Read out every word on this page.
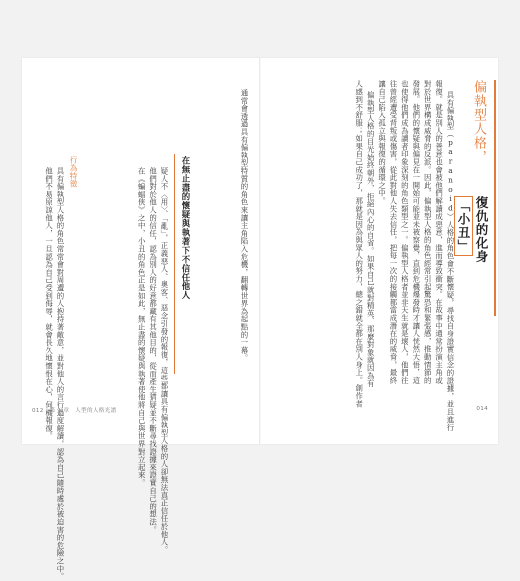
偏執型人格，
復仇的化身「小丑」
具有偏執型（paranoid）人格的角色會不斷懷疑，尋找自身證實信念的證據，並且進行
報復。就是別人的善意也會被他們解讀成惡意，進而導致衝突。在故事中通常扮演主角或
對於世界構成威脅的反派。因此，偏執型人格的角色經常引起驚恐和緊張感，推動情節的
發展。他們的懷疑與偏見在一開始可能並未被察覺，直到危機爆發時才讓人恍然大悟，這
也使得他們成為讀者印象深刻的角色類型之一。偏執型人格者並非天生就是壞人，他們往
往曾經遭受背叛或傷害，從此對他人失去信任，把每一次的接觸都當成潛在的威脅，最終
讓自己陷入孤立與報復的循環之中。
偏執型人格的目光始終朝外，拒絕內心的自省。如果自己就對精英、那麼對象就因為有
人感到不舒服；如果自己成功了，那就是因為與眾人的努力，總之錯就全都在別人身上。創作者
通常會透過具有偏執型特質的角色來讓主角陷入危機，翻轉世界為起點的一幕。
在無止盡的懷疑與執著下不信任他人
疑人不〈用〉、「亂」，正義惡人、奧客、惡念引發的報復，這些都讓具有偏執型人格的人卻無法真正信任於他人。
他們對於他人的信任，認為別人的好意都藏有其他目的，從而產生猜疑並不斷尋找證據來證實自己的想法。
在《蝙蝠俠》之中，小丑的角色正是如此，無止盡的懷疑與執著使他將自己與世界對立起來。
行為特徵
具有偏執型人格的角色常常會對周遭的人抱持著敵意，並對他人的言行過度解讀，認為自己隨時處於被迫害的危險之中。
他們不易原諒他人，一旦認為自己受到侮辱，就會長久地懷恨在心，伺機報復。
012　第 1 章　人型的人格光譜	014
